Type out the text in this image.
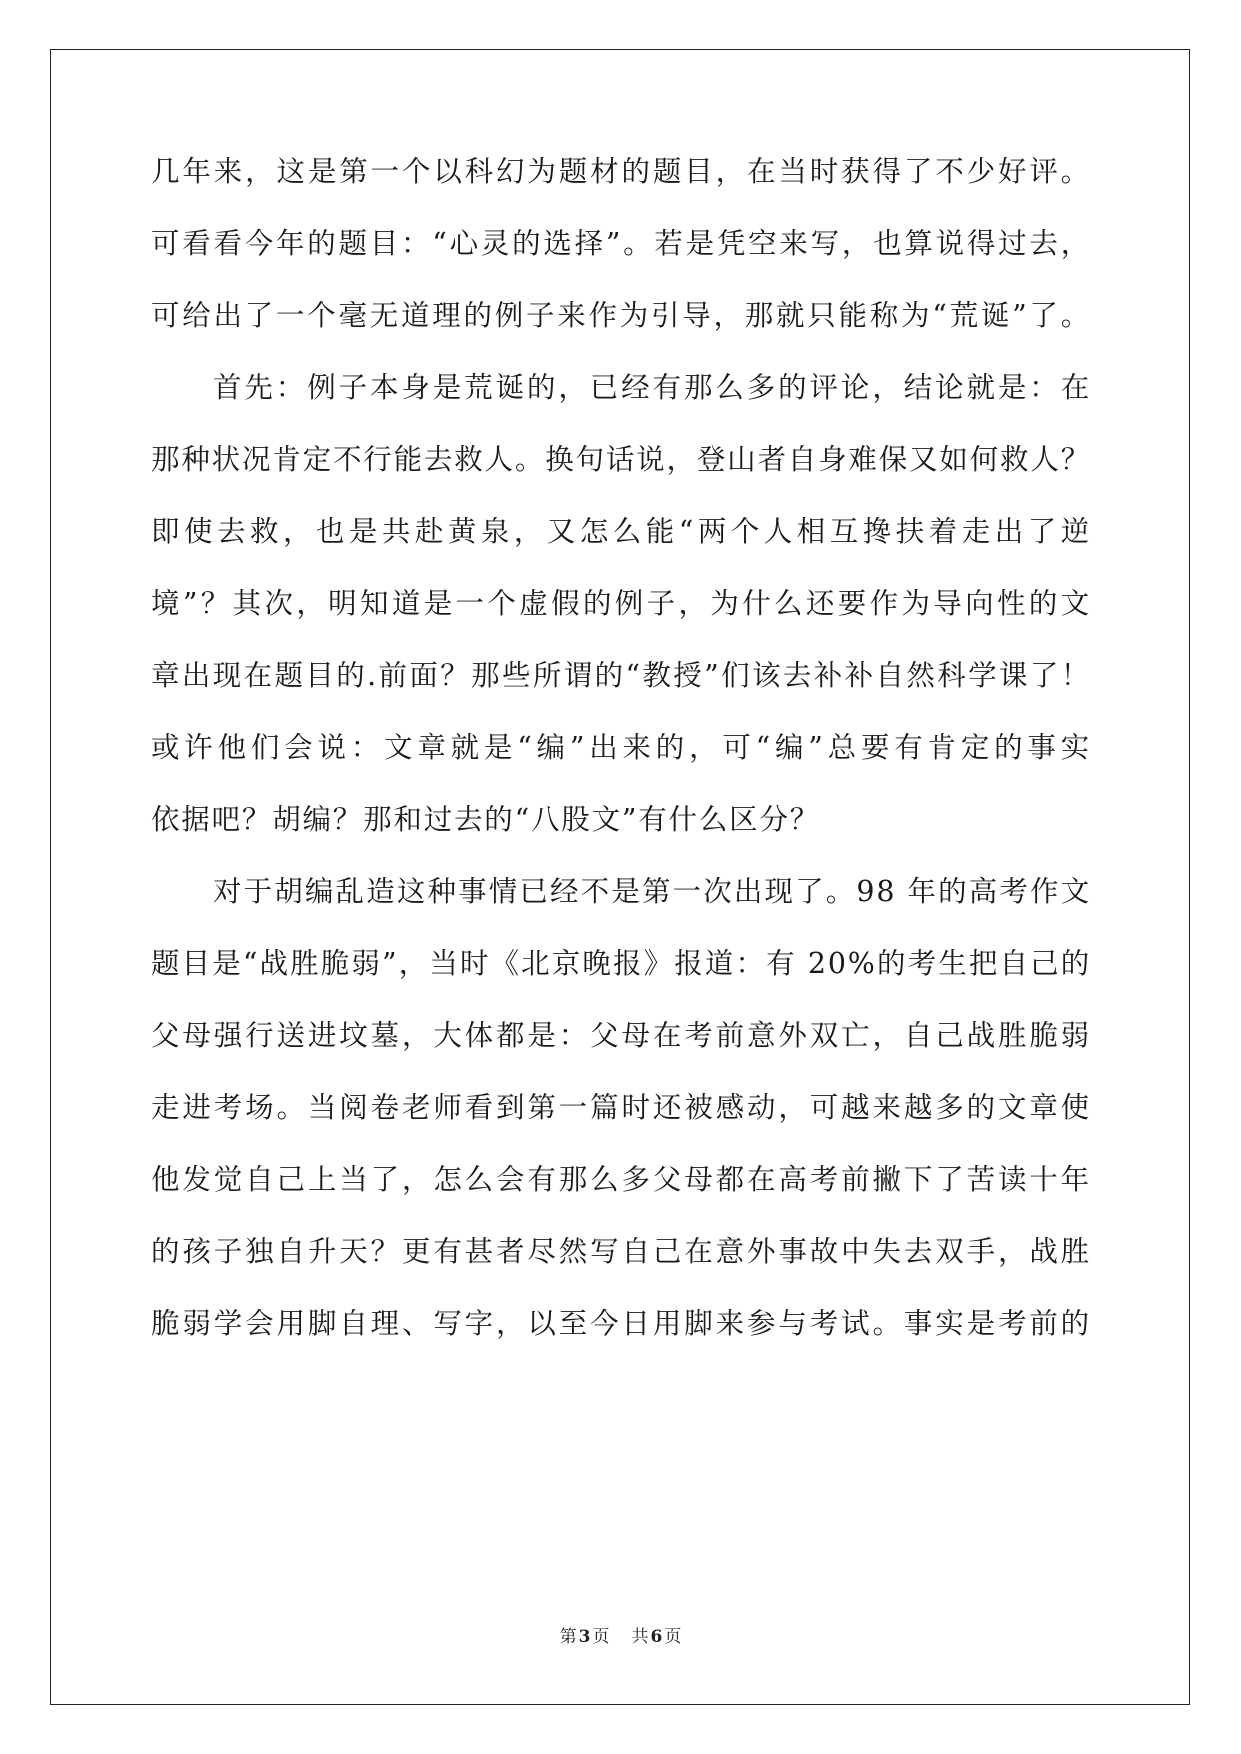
几年来，这是第一个以科幻为题材的题目，在当时获得了不少好评。
可看看今年的题目：“心灵的选择”。若是凭空来写，也算说得过去，
可给出了一个毫无道理的例子来作为引导，那就只能称为“荒诞”了。
首先：例子本身是荒诞的，已经有那么多的评论，结论就是：在
那种状况肯定不行能去救人。换句话说，登山者自身难保又如何救人？
即使去救，也是共赴黄泉，又怎么能“两个人相互搀扶着走出了逆
境”？其次，明知道是一个虚假的例子，为什么还要作为导向性的文
章出现在题目的.前面？那些所谓的“教授”们该去补补自然科学课了！
或许他们会说：文章就是“编”出来的，可“编”总要有肯定的事实
依据吧？胡编？那和过去的“八股文”有什么区分？
对于胡编乱造这种事情已经不是第一次出现了。98 年的高考作文
题目是“战胜脆弱”，当时《北京晚报》报道：有 20%的考生把自己的
父母强行送进坟墓，大体都是：父母在考前意外双亡，自己战胜脆弱
走进考场。当阅卷老师看到第一篇时还被感动，可越来越多的文章使
他发觉自己上当了，怎么会有那么多父母都在高考前撇下了苦读十年
的孩子独自升天？更有甚者尽然写自己在意外事故中失去双手，战胜
脆弱学会用脚自理、写字，以至今日用脚来参与考试。事实是考前的
第 3 页 共 6 页
